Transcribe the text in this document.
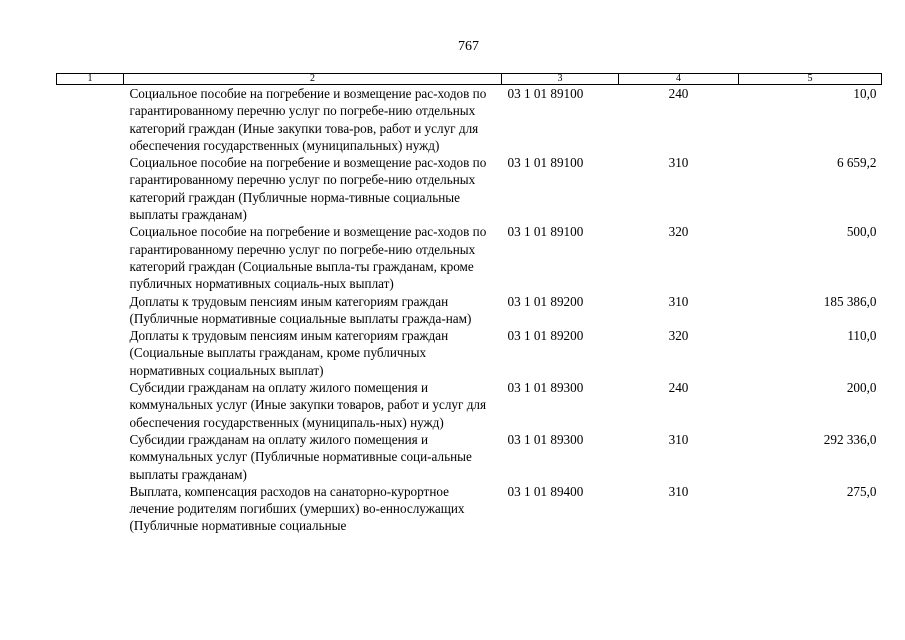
767
1	2	3	4	5
	Социальное пособие на погребение и возмещение рас-ходов по гарантированному перечню услуг по погребе-нию отдельных категорий граждан (Иные закупки това-ров, работ и услуг для обеспечения государственных (муниципальных) нужд)	03 1 01 89100	240	10,0
	Социальное пособие на погребение и возмещение рас-ходов по гарантированному перечню услуг по погребе-нию отдельных категорий граждан (Публичные норма-тивные социальные выплаты гражданам)	03 1 01 89100	310	6 659,2
	Социальное пособие на погребение и возмещение рас-ходов по гарантированному перечню услуг по погребе-нию отдельных категорий граждан (Социальные выпла-ты гражданам, кроме публичных нормативных социаль-ных выплат)	03 1 01 89100	320	500,0
	Доплаты к трудовым пенсиям иным категориям граждан (Публичные нормативные социальные выплаты гражда-нам)	03 1 01 89200	310	185 386,0
	Доплаты к трудовым пенсиям иным категориям граждан (Социальные выплаты гражданам, кроме публичных нормативных социальных выплат)	03 1 01 89200	320	110,0
	Субсидии гражданам на оплату жилого помещения и коммунальных услуг (Иные закупки товаров, работ и услуг для обеспечения государственных (муниципаль-ных) нужд)	03 1 01 89300	240	200,0
	Субсидии гражданам на оплату жилого помещения и коммунальных услуг (Публичные нормативные соци-альные выплаты гражданам)	03 1 01 89300	310	292 336,0
	Выплата, компенсация расходов на санаторно-курортное лечение родителям погибших (умерших) во-еннослужащих (Публичные нормативные социальные	03 1 01 89400	310	275,0
